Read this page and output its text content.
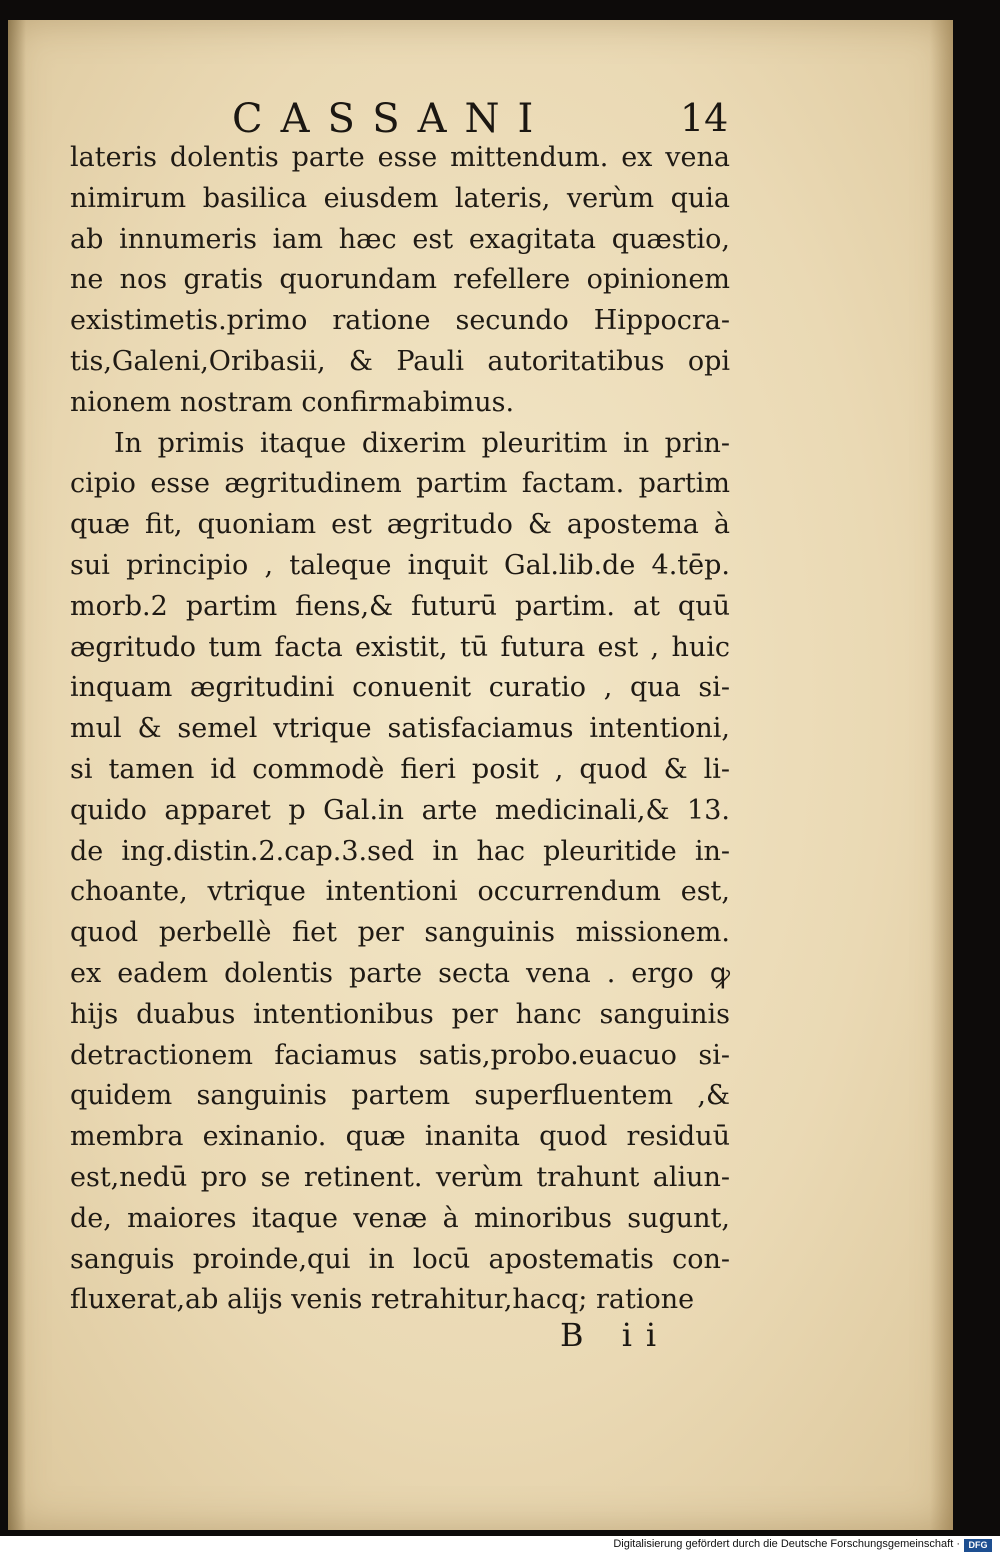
CASSANI	14
lateris dolentis parte esse mittendum. ex vena
nimirum basilica eiusdem lateris, verùm quia
ab innumeris iam hæc est exagitata quæstio,
ne nos gratis quorundam refellere opinionem
existimetis.primo ratione secundo Hippocra-
tis,Galeni,Oribasii, & Pauli autoritatibus opi
nionem nostram confirmabimus.
In primis itaque dixerim pleuritim in prin-
cipio esse ægritudinem partim factam. partim
quæ fit, quoniam est ægritudo & apostema à
sui principio , taleque inquit Gal.lib.de 4.tēp.
morb.2 partim fiens,& futurū partim. at quū
ægritudo tum facta existit, tū futura est , huic
inquam ægritudini conuenit curatio , qua si-
mul & semel vtrique satisfaciamus intentioni,
si tamen id commodè fieri posit , quod & li-
quido apparet p Gal.in arte medicinali,& 13.
de ing.distin.2.cap.3.sed in hac pleuritide in-
choante, vtrique intentioni occurrendum est,
quod perbellè fiet per sanguinis missionem.
ex eadem dolentis parte secta vena . ergo ꝙ
hijs duabus intentionibus per hanc sanguinis
detractionem faciamus satis,probo.euacuo si-
quidem sanguinis partem superfluentem ,&
membra exinanio. quæ inanita quod residuū
est,nedū pro se retinent. verùm trahunt aliun-
de, maiores itaque venæ à minoribus sugunt,
sanguis proinde,qui in locū apostematis con-
fluxerat,ab alijs venis retrahitur,hacq; ratione
B ii
Digitalisierung gefördert durch die Deutsche Forschungsgemeinschaft · DFG
